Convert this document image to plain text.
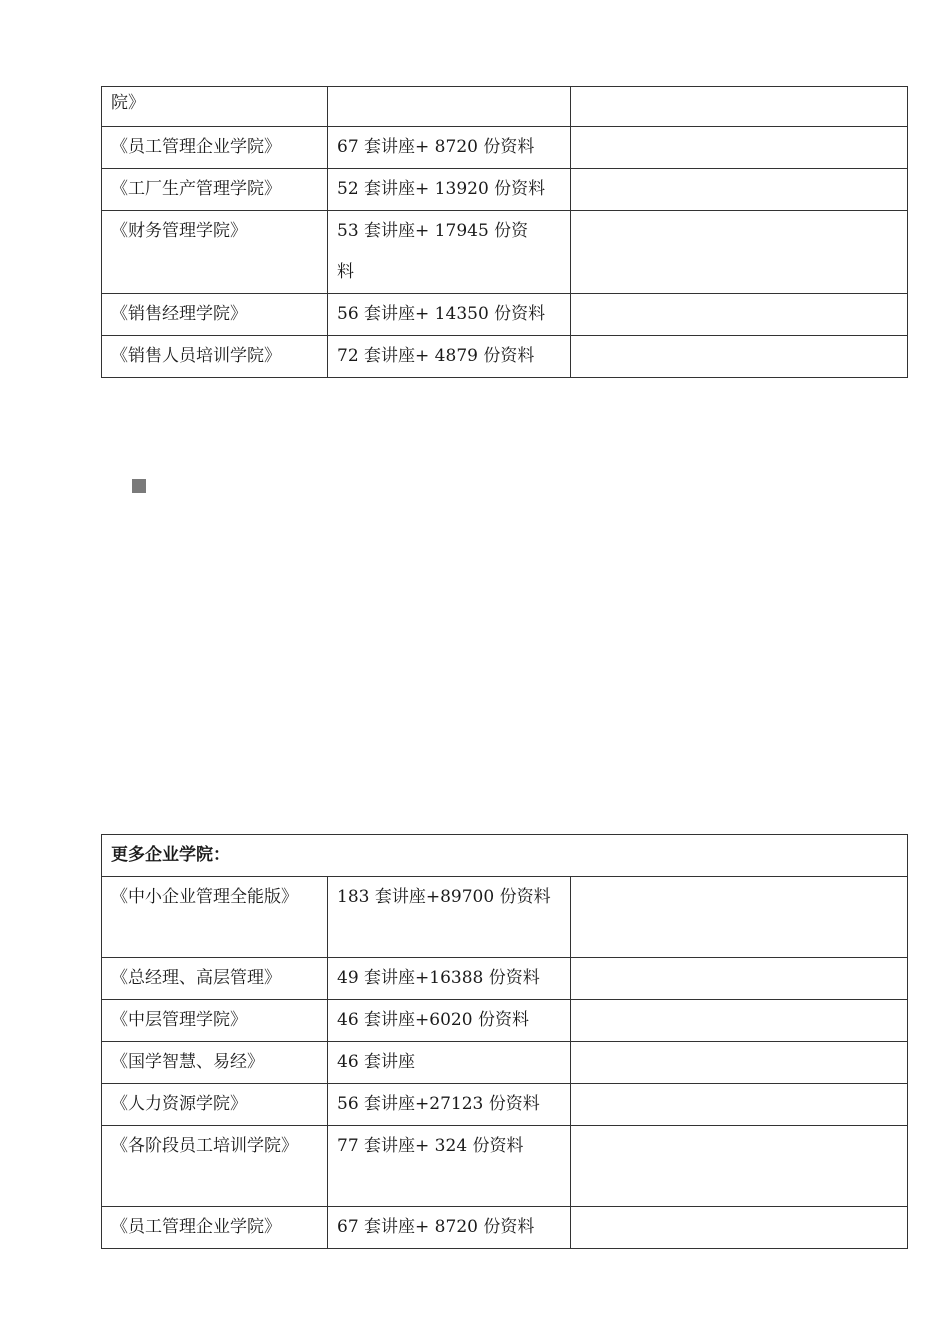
院》		
《员工管理企业学院》	67 套讲座+ 8720 份资料	
《工厂生产管理学院》	52 套讲座+ 13920 份资料	
《财务管理学院》	53 套讲座+ 17945 份资料	
《销售经理学院》	56 套讲座+ 14350 份资料	
《销售人员培训学院》	72 套讲座+ 4879 份资料	
更多企业学院：		
《中小企业管理全能版》	183 套讲座+89700 份资料	
《总经理、高层管理》	49 套讲座+16388 份资料	
《中层管理学院》	46 套讲座+6020 份资料	
《国学智慧、易经》	46 套讲座	
《人力资源学院》	56 套讲座+27123 份资料	
《各阶段员工培训学院》	77 套讲座+ 324 份资料	
《员工管理企业学院》	67 套讲座+ 8720 份资料	
